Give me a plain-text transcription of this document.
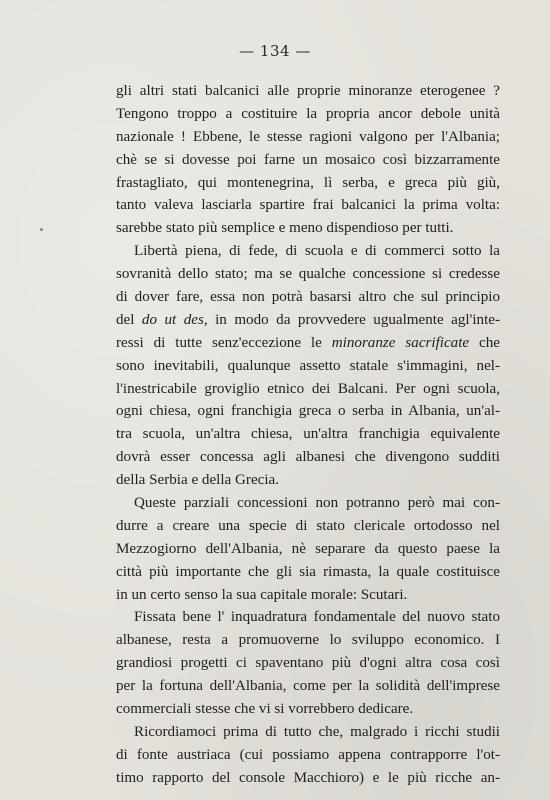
— 134 —
gli altri stati balcanici alle proprie minoranze eterogenee ?
Tengono troppo a costituire la propria ancor debole unità
nazionale ! Ebbene, le stesse ragioni valgono per l'Albania;
chè se si dovesse poi farne un mosaico così bizzarramente
frastagliato, qui montenegrina, lì serba, e greca più giù,
tanto valeva lasciarla spartire frai balcanici la prima volta:
sarebbe stato più semplice e meno dispendioso per tutti.
Libertà piena, di fede, di scuola e di commerci sotto la
sovranità dello stato; ma se qualche concessione si credesse
di dover fare, essa non potrà basarsi altro che sul principio
del do ut des, in modo da provvedere ugualmente agl'inte-
ressi di tutte senz'eccezione le minoranze sacrificate che
sono inevitabili, qualunque assetto statale s'immagini, nel-
l'inestricabile groviglio etnico dei Balcani. Per ogni scuola,
ogni chiesa, ogni franchigia greca o serba in Albania, un'al-
tra scuola, un'altra chiesa, un'altra franchigia equivalente
dovrà esser concessa agli albanesi che divengono sudditi
della Serbia e della Grecia.
Queste parziali concessioni non potranno però mai con-
durre a creare una specie di stato clericale ortodosso nel
Mezzogiorno dell'Albania, nè separare da questo paese la
città più importante che gli sia rimasta, la quale costituisce
in un certo senso la sua capitale morale: Scutari.
Fissata bene l' inquadratura fondamentale del nuovo stato
albanese, resta a promuoverne lo sviluppo economico. I
grandiosi progetti ci spaventano più d'ogni altra cosa così
per la fortuna dell'Albania, come per la solidità dell'imprese
commerciali stesse che vi si vorrebbero dedicare.
Ricordiamoci prima di tutto che, malgrado i ricchi studii
di fonte austriaca (cui possiamo appena contrapporre l'ot-
timo rapporto del console Macchioro) e le più ricche an-
